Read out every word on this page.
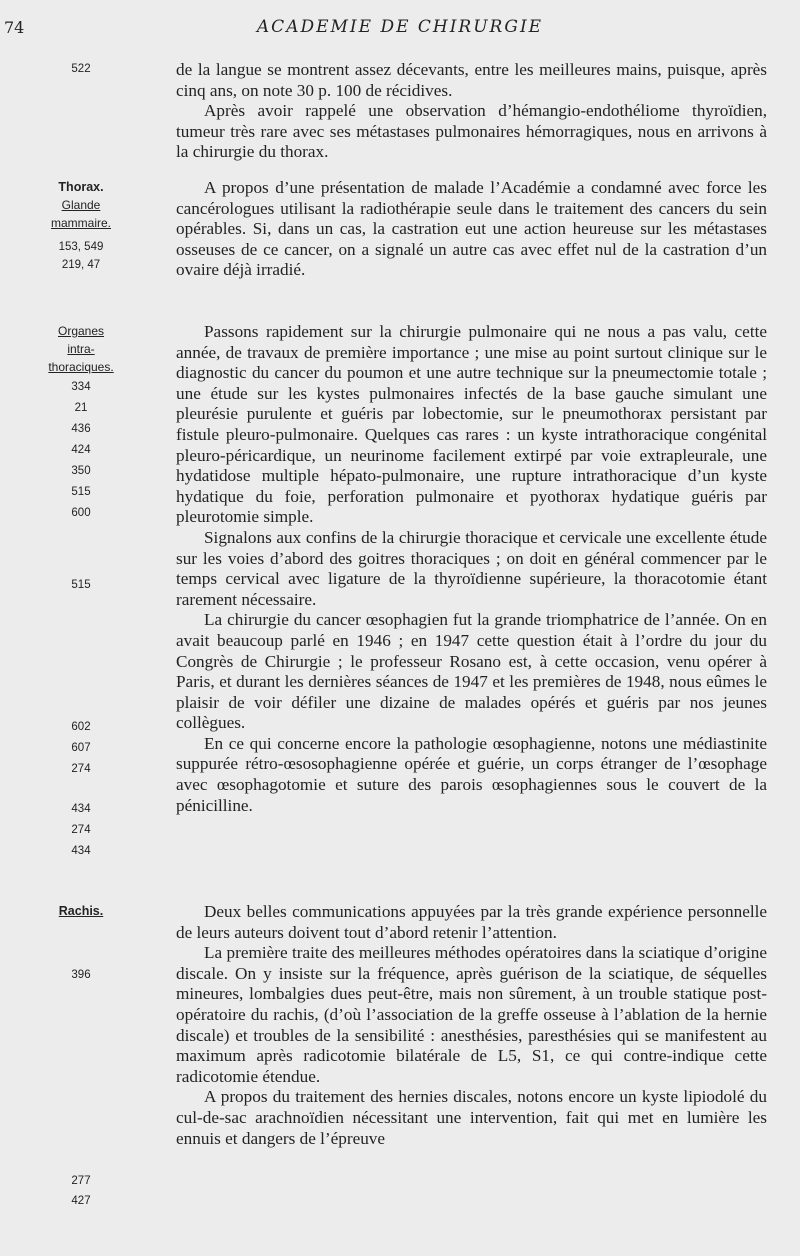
74	ACADEMIE DE CHIRURGIE
522
Thorax.
Glande
mammaire.
153, 549
219, 47
Organes
intra-
thoraciques.
334
21
436
424
350
515
600
515
602
607
274
434
274
434
Rachis.
396
277
427

de la langue se montrent assez décevants, entre les meilleures mains, puisque, après cinq ans, on note 30 p. 100 de récidives.

Après avoir rappelé une observation d’hémangio-endothéliome thyroïdien, tumeur très rare avec ses métastases pulmonaires hémorragiques, nous en arrivons à la chirurgie du thorax.

A propos d’une présentation de malade l’Académie a condamné avec force les cancérologues utilisant la radiothérapie seule dans le traitement des cancers du sein opérables. Si, dans un cas, la castration eut une action heureuse sur les métastases osseuses de ce cancer, on a signalé un autre cas avec effet nul de la castration d’un ovaire déjà irradié.

Passons rapidement sur la chirurgie pulmonaire qui ne nous a pas valu, cette année, de travaux de première importance ; une mise au point surtout clinique sur le diagnostic du cancer du poumon et une autre technique sur la pneumectomie totale ; une étude sur les kystes pulmonaires infectés de la base gauche simulant une pleurésie purulente et guéris par lobectomie, sur le pneumothorax persistant par fistule pleuro-pulmonaire. Quelques cas rares : un kyste intrathoracique congénital pleuro-péricardique, un neurinome facilement extirpé par voie extrapleurale, une hydatidose multiple hépato-pulmonaire, une rupture intrathoracique d’un kyste hydatique du foie, perforation pulmonaire et pyothorax hydatique guéris par pleurotomie simple.

Signalons aux confins de la chirurgie thoracique et cervicale une excellente étude sur les voies d’abord des goitres thoraciques ; on doit en général commencer par le temps cervical avec ligature de la thyroïdienne supérieure, la thoracotomie étant rarement nécessaire.

La chirurgie du cancer œsophagien fut la grande triomphatrice de l’année. On en avait beaucoup parlé en 1946 ; en 1947 cette question était à l’ordre du jour du Congrès de Chirurgie ; le professeur Rosano est, à cette occasion, venu opérer à Paris, et durant les dernières séances de 1947 et les premières de 1948, nous eûmes le plaisir de voir défiler une dizaine de malades opérés et guéris par nos jeunes collègues.

En ce qui concerne encore la pathologie œsophagienne, notons une médiastinite suppurée rétro-œsosophagienne opérée et guérie, un corps étranger de l’œsophage avec œsophagotomie et suture des parois œsophagiennes sous le couvert de la pénicilline.

Deux belles communications appuyées par la très grande expérience personnelle de leurs auteurs doivent tout d’abord retenir l’attention.

La première traite des meilleures méthodes opératoires dans la sciatique d’origine discale. On y insiste sur la fréquence, après guérison de la sciatique, de séquelles mineures, lombalgies dues peut-être, mais non sûrement, à un trouble statique post-opératoire du rachis, (d’où l’association de la greffe osseuse à l’ablation de la hernie discale) et troubles de la sensibilité : anesthésies, paresthésies qui se manifestent au maximum après radicotomie bilatérale de L5, S1, ce qui contre-indique cette radicotomie étendue.

A propos du traitement des hernies discales, notons encore un kyste lipiodolé du cul-de-sac arachnoïdien nécessitant une intervention, fait qui met en lumière les ennuis et dangers de l’épreuve
